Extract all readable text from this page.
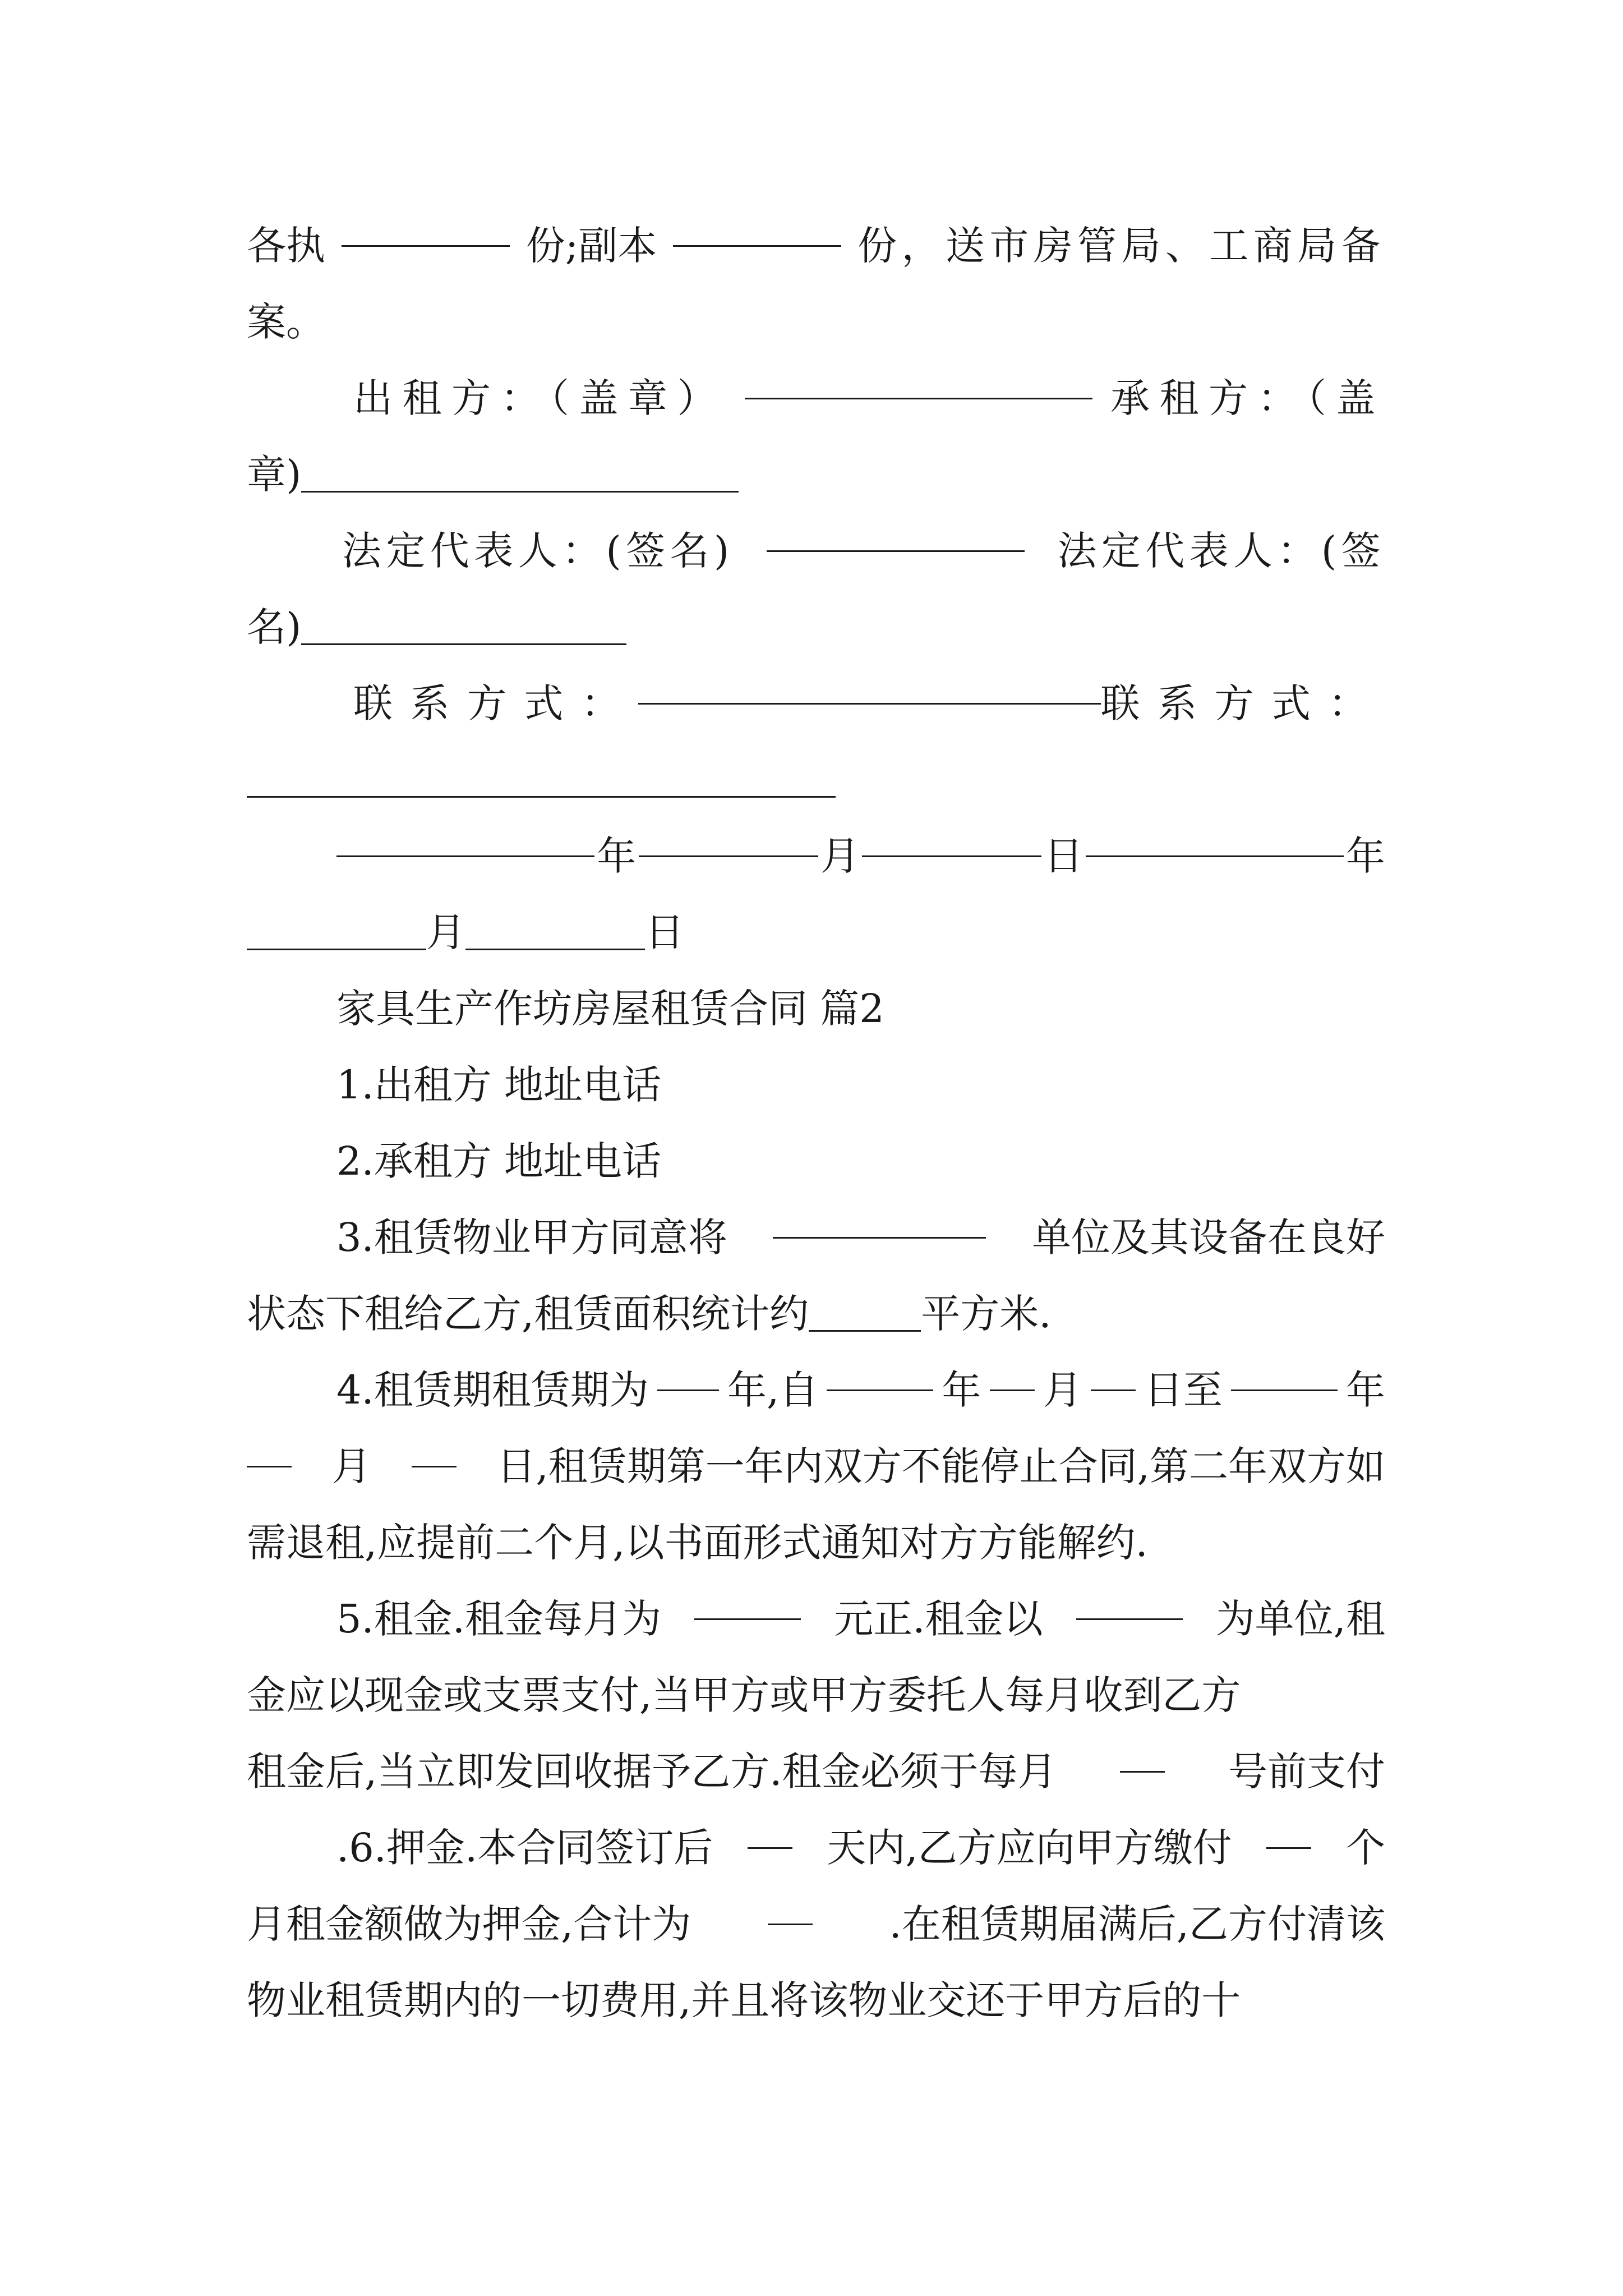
各执	份;副本	份，送市房管局、工商局备
案。
出租方：（盖章）	承租方：（盖
章)
法定代表人：(签名)	法定代表人：(签
名)
联系方式：	联系方式：
年	月	日	年
月	日
家具生产作坊房屋租赁合同 篇2
1.出租方 地址电话
2.承租方 地址电话
3.租赁物业甲方同意将	单位及其设备在良好
状态下租给乙方,租赁面积统计约	平方米.
4.租赁期租赁期为 年,自	年 月 日至	年
月	日,租赁期第一年内双方不能停止合同,第二年双方如
需退租,应提前二个月,以书面形式通知对方方能解约.
5.租金.租金每月为	元正.租金以	为单位,租
金应以现金或支票支付,当甲方或甲方委托人每月收到乙方
租金后,当立即发回收据予乙方.租金必须于每月	号前支付
.6.押金.本合同签订后	天内,乙方应向甲方缴付	个
月租金额做为押金,合计为	.在租赁期届满后,乙方付清该
物业租赁期内的一切费用,并且将该物业交还于甲方后的十
